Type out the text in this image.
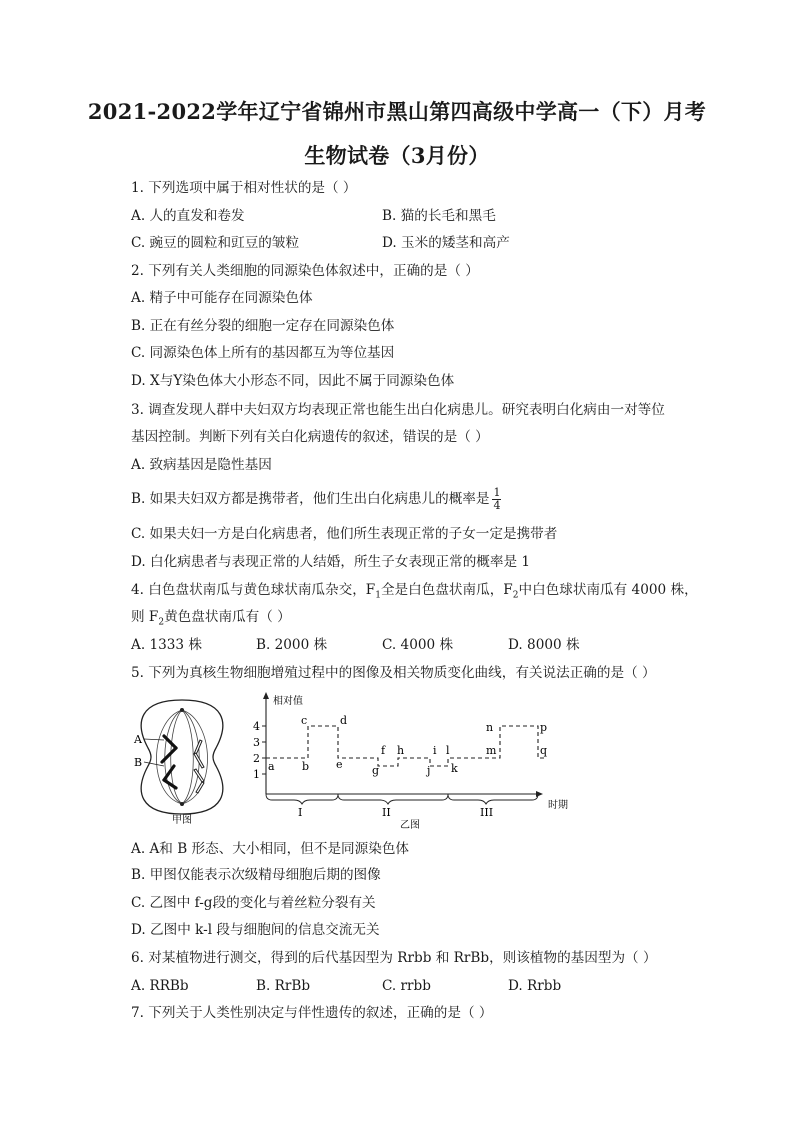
2021-2022学年辽宁省锦州市黑山第四高级中学高一（下）月考
生物试卷（3月份）
1. 下列选项中属于相对性状的是（ ）
A. 人的直发和卷发	B. 猫的长毛和黑毛
C. 豌豆的圆粒和豇豆的皱粒	D. 玉米的矮茎和高产
2. 下列有关人类细胞的同源染色体叙述中，正确的是（ ）
A. 精子中可能存在同源染色体
B. 正在有丝分裂的细胞一定存在同源染色体
C. 同源染色体上所有的基因都互为等位基因
D. X与Y染色体大小形态不同，因此不属于同源染色体
3. 调查发现人群中夫妇双方均表现正常也能生出白化病患儿。研究表明白化病由一对等位
基因控制。判断下列有关白化病遗传的叙述，错误的是（ ）
A. 致病基因是隐性基因
B. 如果夫妇双方都是携带者，他们生出白化病患儿的概率是 $\frac{1}{4}$
C. 如果夫妇一方是白化病患者，他们所生表现正常的子女一定是携带者
D. 白化病患者与表现正常的人结婚，所生子女表现正常的概率是 1
4. 白色盘状南瓜与黄色球状南瓜杂交，$F_1$全是白色盘状南瓜，$F_2$中白色球状南瓜有 4000 株，
则 $F_2$黄色盘状南瓜有（ ）
A. 1333 株	B. 2000 株	C. 4000 株	D. 8000 株
5. 下列为真核生物细胞增殖过程中的图像及相关物质变化曲线，有关说法正确的是（ ）
A
B
甲图
相对值
时期
1
2
3
4
a b
c	d
e
f
g
h	i
j k
l	m
n	p
q
I	II	III
乙图
A. A和 B 形态、大小相同，但不是同源染色体
B. 甲图仅能表示次级精母细胞后期的图像
C. 乙图中 f-g段的变化与着丝粒分裂有关
D. 乙图中 k-l 段与细胞间的信息交流无关
6. 对某植物进行测交，得到的后代基因型为 Rrbb 和 RrBb，则该植物的基因型为（ ）
A. RRBb	B. RrBb	C. rrbb	D. Rrbb
7. 下列关于人类性别决定与伴性遗传的叙述，正确的是（ ）
